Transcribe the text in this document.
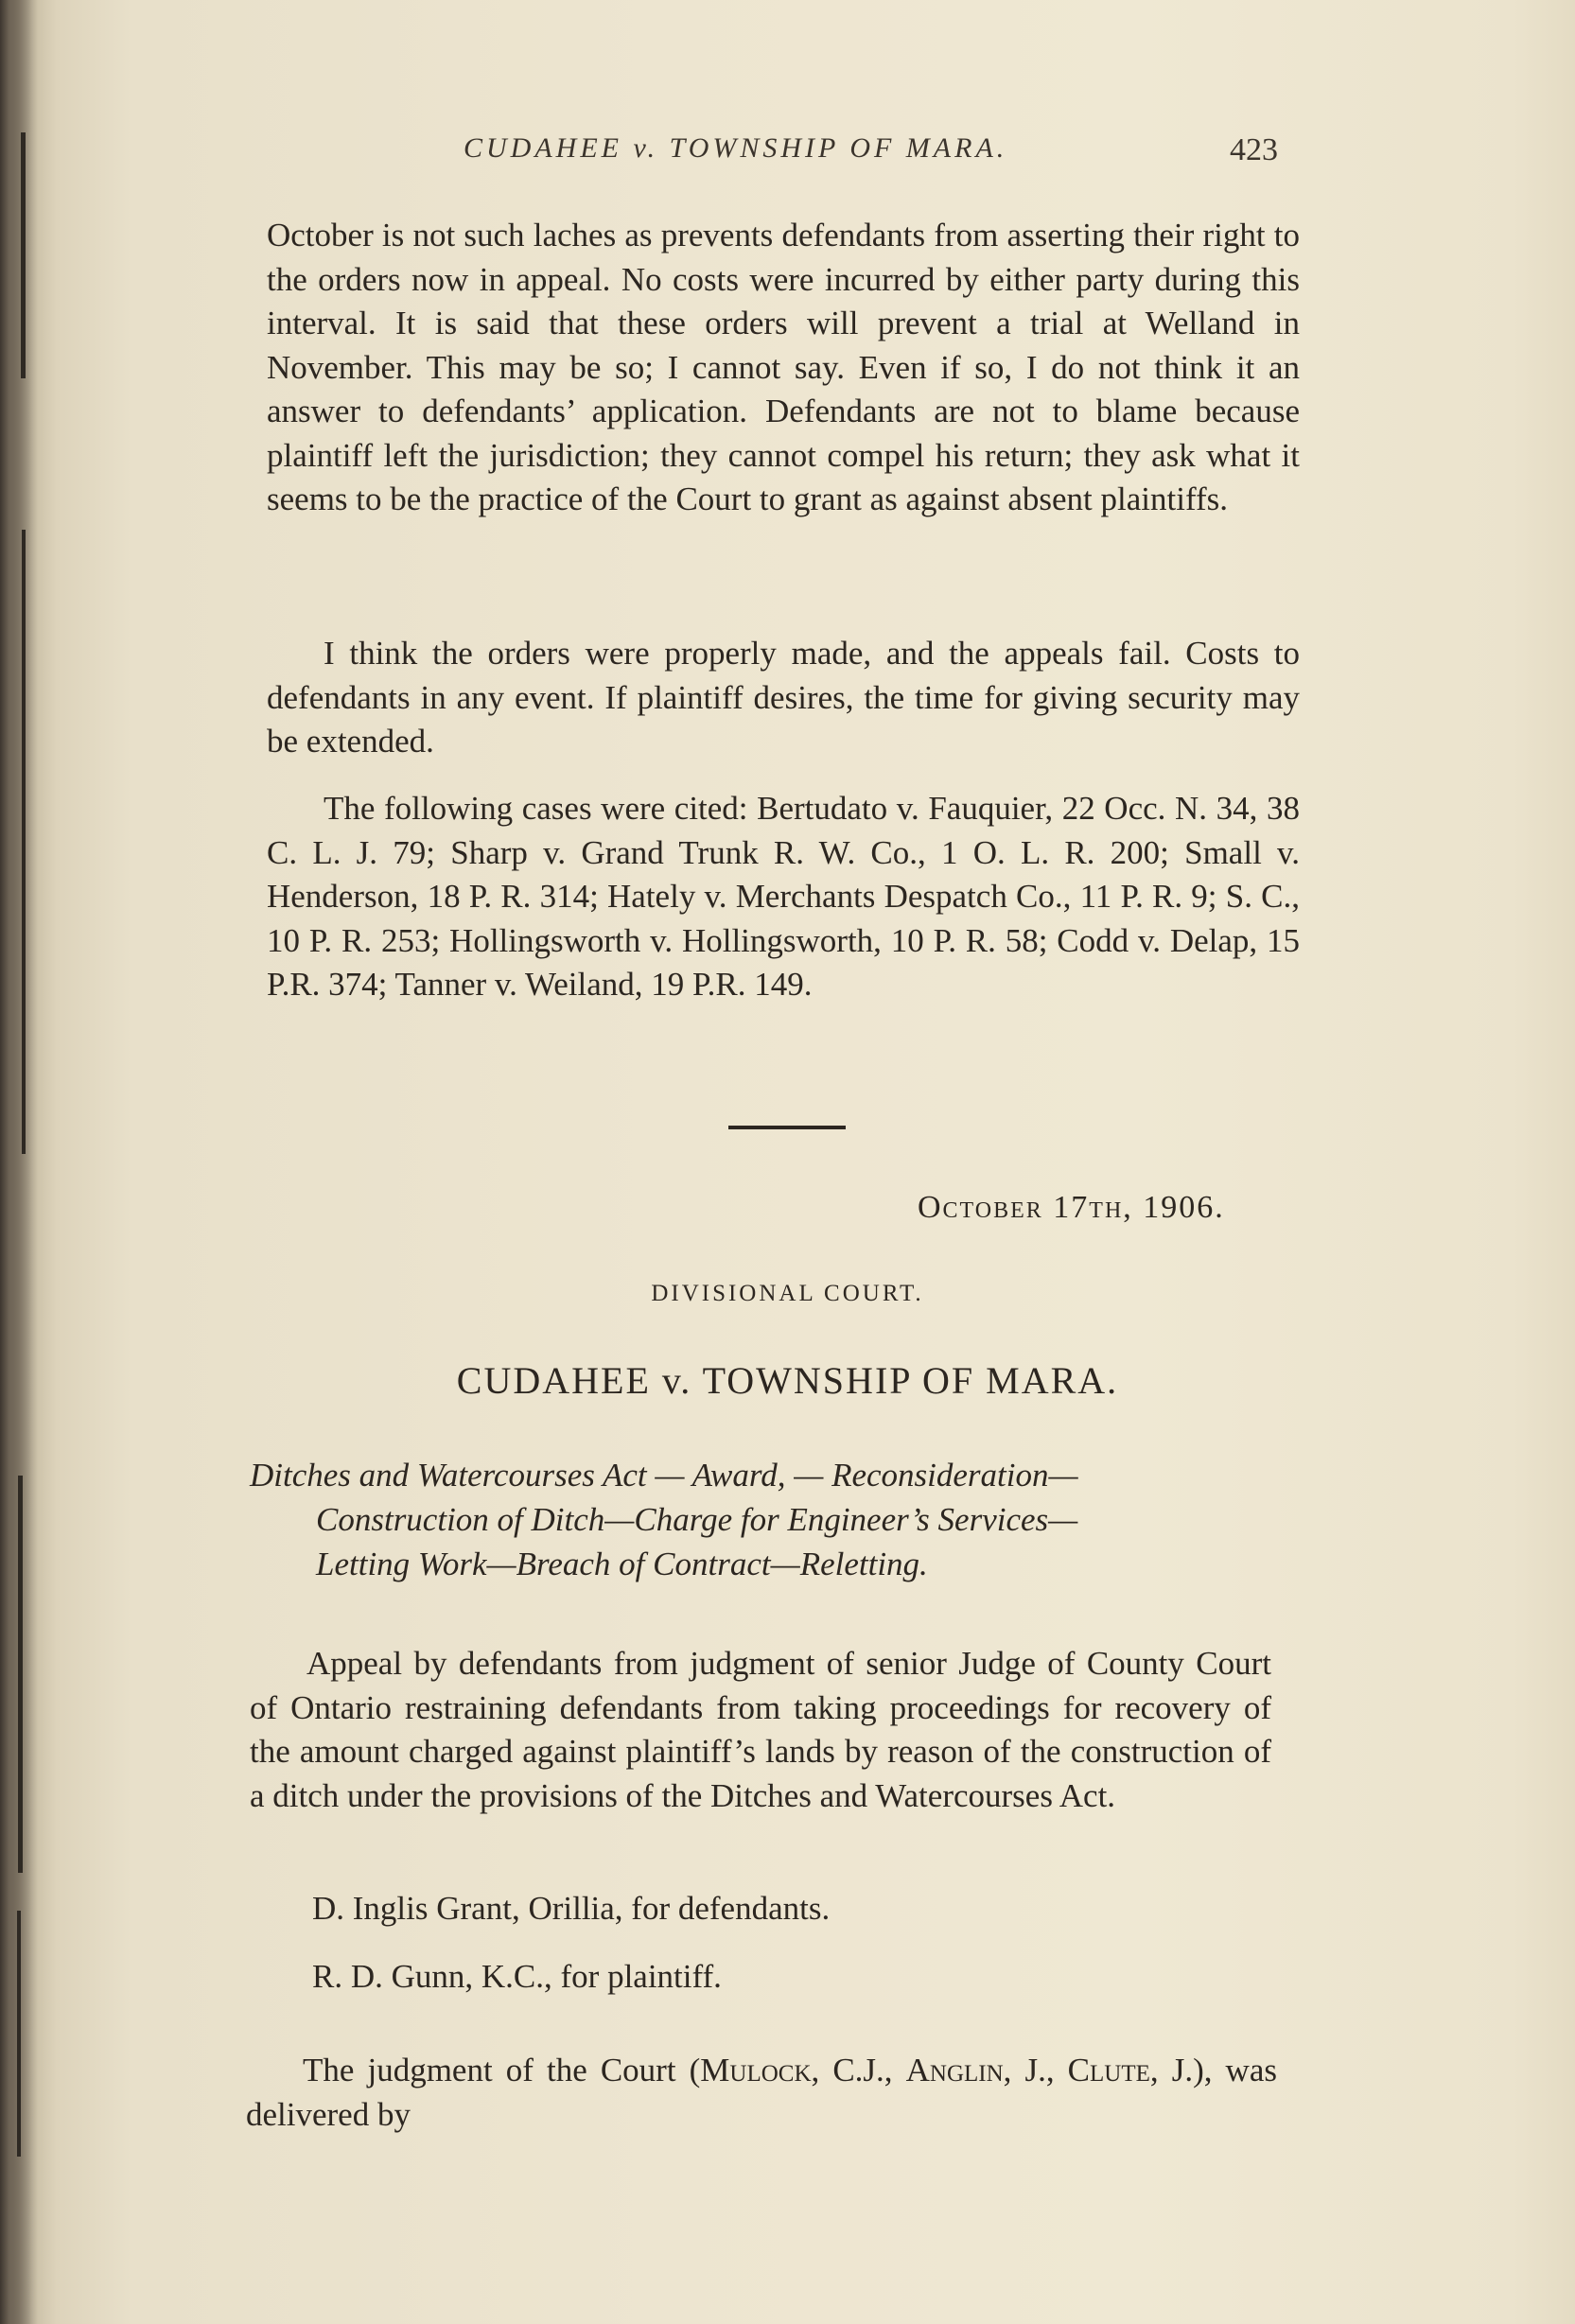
CUDAHEE v. TOWNSHIP OF MARA.	423

October is not such laches as prevents defendants from asserting their right to the orders now in appeal. No costs were incurred by either party during this interval. It is said that these orders will prevent a trial at Welland in November. This may be so; I cannot say. Even if so, I do not think it an answer to defendants’ application. Defendants are not to blame because plaintiff left the jurisdiction; they cannot compel his return; they ask what it seems to be the practice of the Court to grant as against absent plaintiffs.

I think the orders were properly made, and the appeals fail. Costs to defendants in any event. If plaintiff desires, the time for giving security may be extended.

The following cases were cited: Bertudato v. Fauquier, 22 Occ. N. 34, 38 C. L. J. 79; Sharp v. Grand Trunk R. W. Co., 1 O. L. R. 200; Small v. Henderson, 18 P. R. 314; Hately v. Merchants Despatch Co., 11 P. R. 9; S. C., 10 P. R. 253; Hollingsworth v. Hollingsworth, 10 P. R. 58; Codd v. Delap, 15 P.R. 374; Tanner v. Weiland, 19 P.R. 149.

October 17th, 1906.
DIVISIONAL COURT.
CUDAHEE v. TOWNSHIP OF MARA.
Ditches and Watercourses Act — Award, — Reconsideration—
Construction of Ditch—Charge for Engineer’s Services—
Letting Work—Breach of Contract—Reletting.

Appeal by defendants from judgment of senior Judge of County Court of Ontario restraining defendants from taking proceedings for recovery of the amount charged against plaintiff’s lands by reason of the construction of a ditch under the provisions of the Ditches and Watercourses Act.

D. Inglis Grant, Orillia, for defendants.
R. D. Gunn, K.C., for plaintiff.

The judgment of the Court (Mulock, C.J., Anglin, J., Clute, J.), was delivered by
